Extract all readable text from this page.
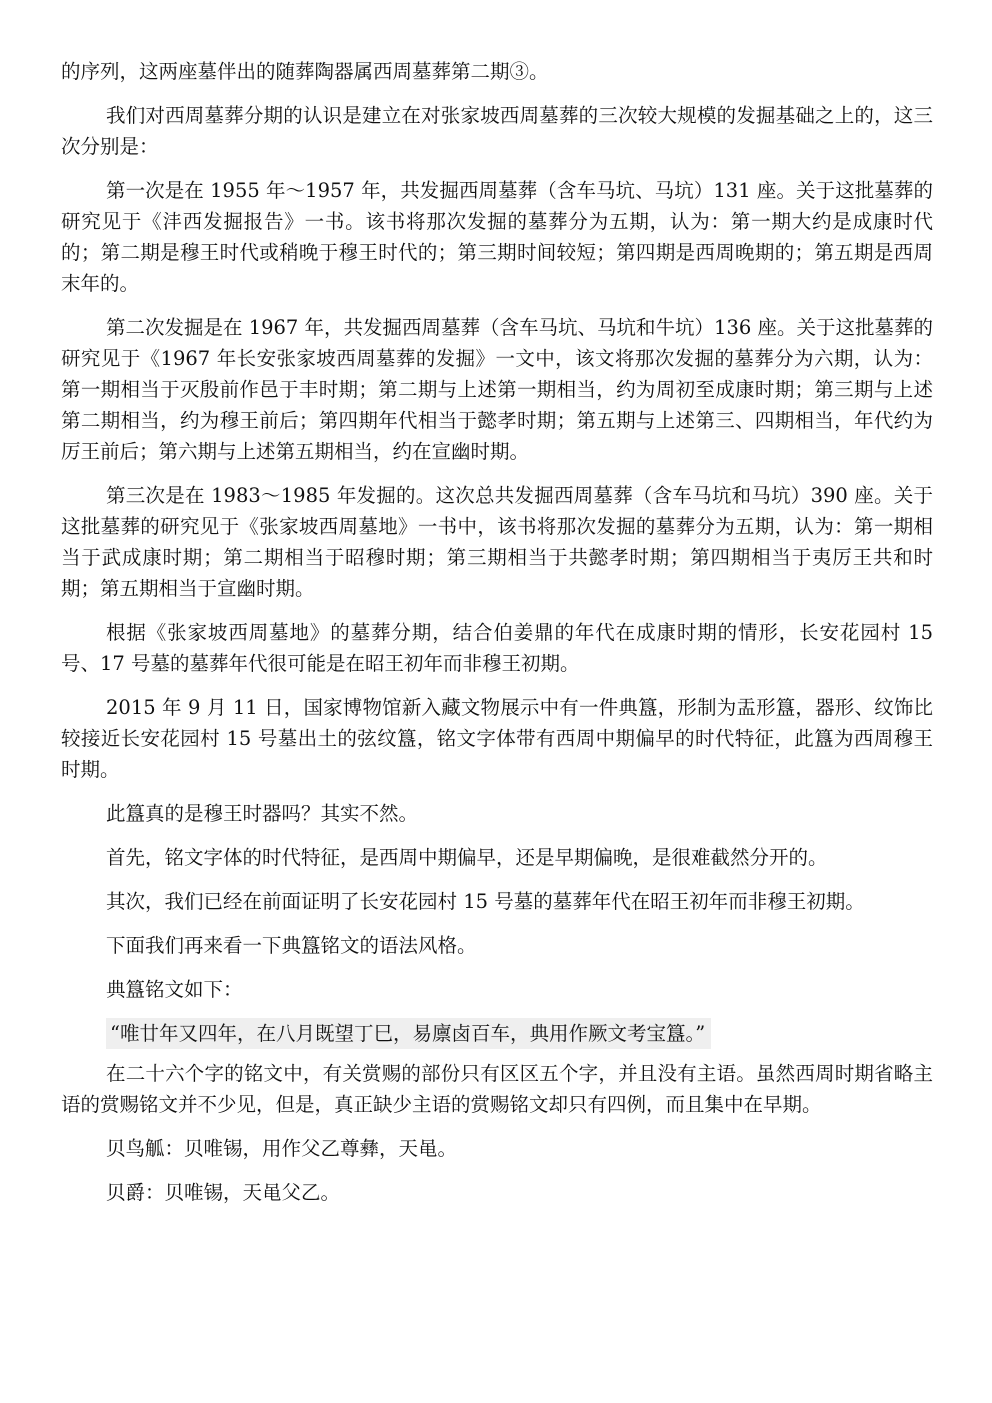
的序列，这两座墓伴出的随葬陶器属西周墓葬第二期③。

我们对西周墓葬分期的认识是建立在对张家坡西周墓葬的三次较大规模的发掘基础之上的，这三次分别是：

第一次是在 1955 年～1957 年，共发掘西周墓葬（含车马坑、马坑）131 座。关于这批墓葬的研究见于《沣西发掘报告》一书。该书将那次发掘的墓葬分为五期，认为：第一期大约是成康时代的；第二期是穆王时代或稍晚于穆王时代的；第三期时间较短；第四期是西周晚期的；第五期是西周末年的。

第二次发掘是在 1967 年，共发掘西周墓葬（含车马坑、马坑和牛坑）136 座。关于这批墓葬的研究见于《1967 年长安张家坡西周墓葬的发掘》一文中，该文将那次发掘的墓葬分为六期，认为：第一期相当于灭殷前作邑于丰时期；第二期与上述第一期相当，约为周初至成康时期；第三期与上述第二期相当，约为穆王前后；第四期年代相当于懿孝时期；第五期与上述第三、四期相当，年代约为厉王前后；第六期与上述第五期相当，约在宣幽时期。

第三次是在 1983～1985 年发掘的。这次总共发掘西周墓葬（含车马坑和马坑）390 座。关于这批墓葬的研究见于《张家坡西周墓地》一书中，该书将那次发掘的墓葬分为五期，认为：第一期相当于武成康时期；第二期相当于昭穆时期；第三期相当于共懿孝时期；第四期相当于夷厉王共和时期；第五期相当于宣幽时期。

根据《张家坡西周墓地》的墓葬分期，结合伯姜鼎的年代在成康时期的情形，长安花园村 15 号、17 号墓的墓葬年代很可能是在昭王初年而非穆王初期。

2015 年 9 月 11 日，国家博物馆新入藏文物展示中有一件典簋，形制为盂形簋，器形、纹饰比较接近长安花园村 15 号墓出土的弦纹簋，铭文字体带有西周中期偏早的时代特征，此簋为西周穆王时期。

此簋真的是穆王时器吗？其实不然。

首先，铭文字体的时代特征，是西周中期偏早，还是早期偏晚，是很难截然分开的。

其次，我们已经在前面证明了长安花园村 15 号墓的墓葬年代在昭王初年而非穆王初期。

下面我们再来看一下典簋铭文的语法风格。

典簋铭文如下：

“唯廿年又四年，在八月既望丁巳，易廪卤百车，典用作厥文考宝簋。”

在二十六个字的铭文中，有关赏赐的部份只有区区五个字，并且没有主语。虽然西周时期省略主语的赏赐铭文并不少见，但是，真正缺少主语的赏赐铭文却只有四例，而且集中在早期。

贝鸟觚：贝唯锡，用作父乙尊彝，天黾。

贝爵：贝唯锡，天黾父乙。
